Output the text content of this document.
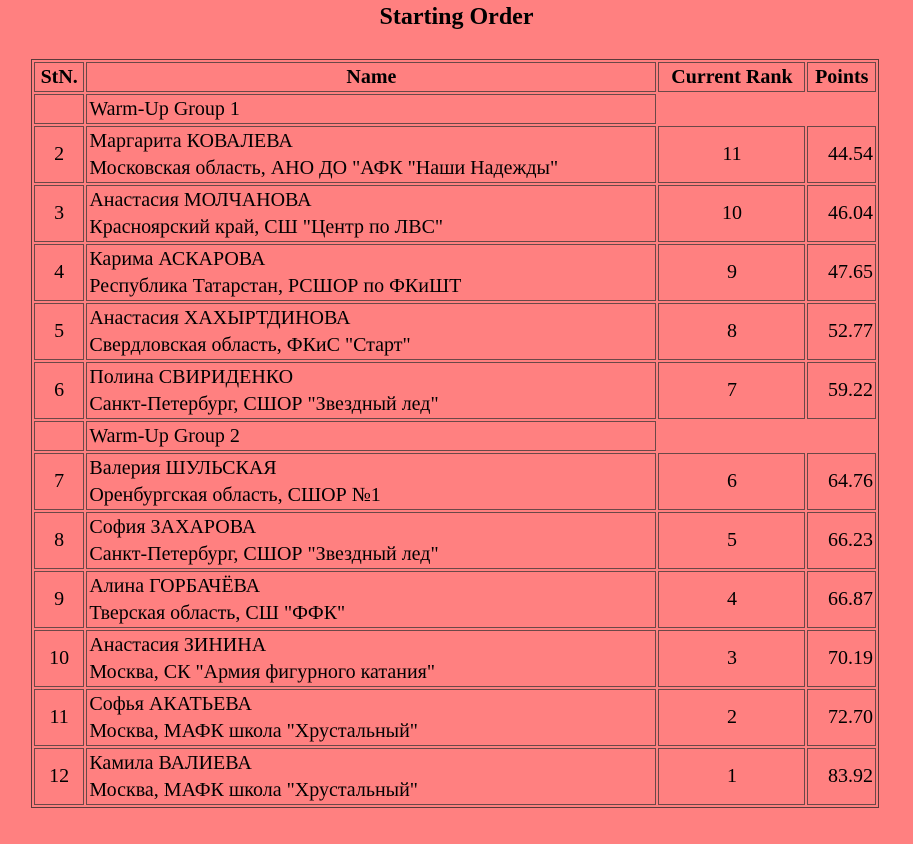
Starting Order
StN.	Name	Current Rank	Points
	Warm-Up Group 1		
2	Маргарита КОВАЛЕВА
Московская область, АНО ДО "АФК "Наши Надежды"	11	44.54
3	Анастасия МОЛЧАНОВА
Красноярский край, СШ "Центр по ЛВС"	10	46.04
4	Карима АСКАРОВА
Республика Татарстан, РСШОР по ФКиШТ	9	47.65
5	Анастасия ХАХЫРТДИНОВА
Свердловская область, ФКиС "Старт"	8	52.77
6	Полина СВИРИДЕНКО
Санкт-Петербург, СШОР "Звездный лед"	7	59.22
	Warm-Up Group 2		
7	Валерия ШУЛЬСКАЯ
Оренбургская область, СШОР №1	6	64.76
8	София ЗАХАРОВА
Санкт-Петербург, СШОР "Звездный лед"	5	66.23
9	Алина ГОРБАЧЁВА
Тверская область, СШ "ФФК"	4	66.87
10	Анастасия ЗИНИНА
Москва, СК "Армия фигурного катания"	3	70.19
11	Софья АКАТЬЕВА
Москва, МАФК школа "Хрустальный"	2	72.70
12	Камила ВАЛИЕВА
Москва, МАФК школа "Хрустальный"	1	83.92
